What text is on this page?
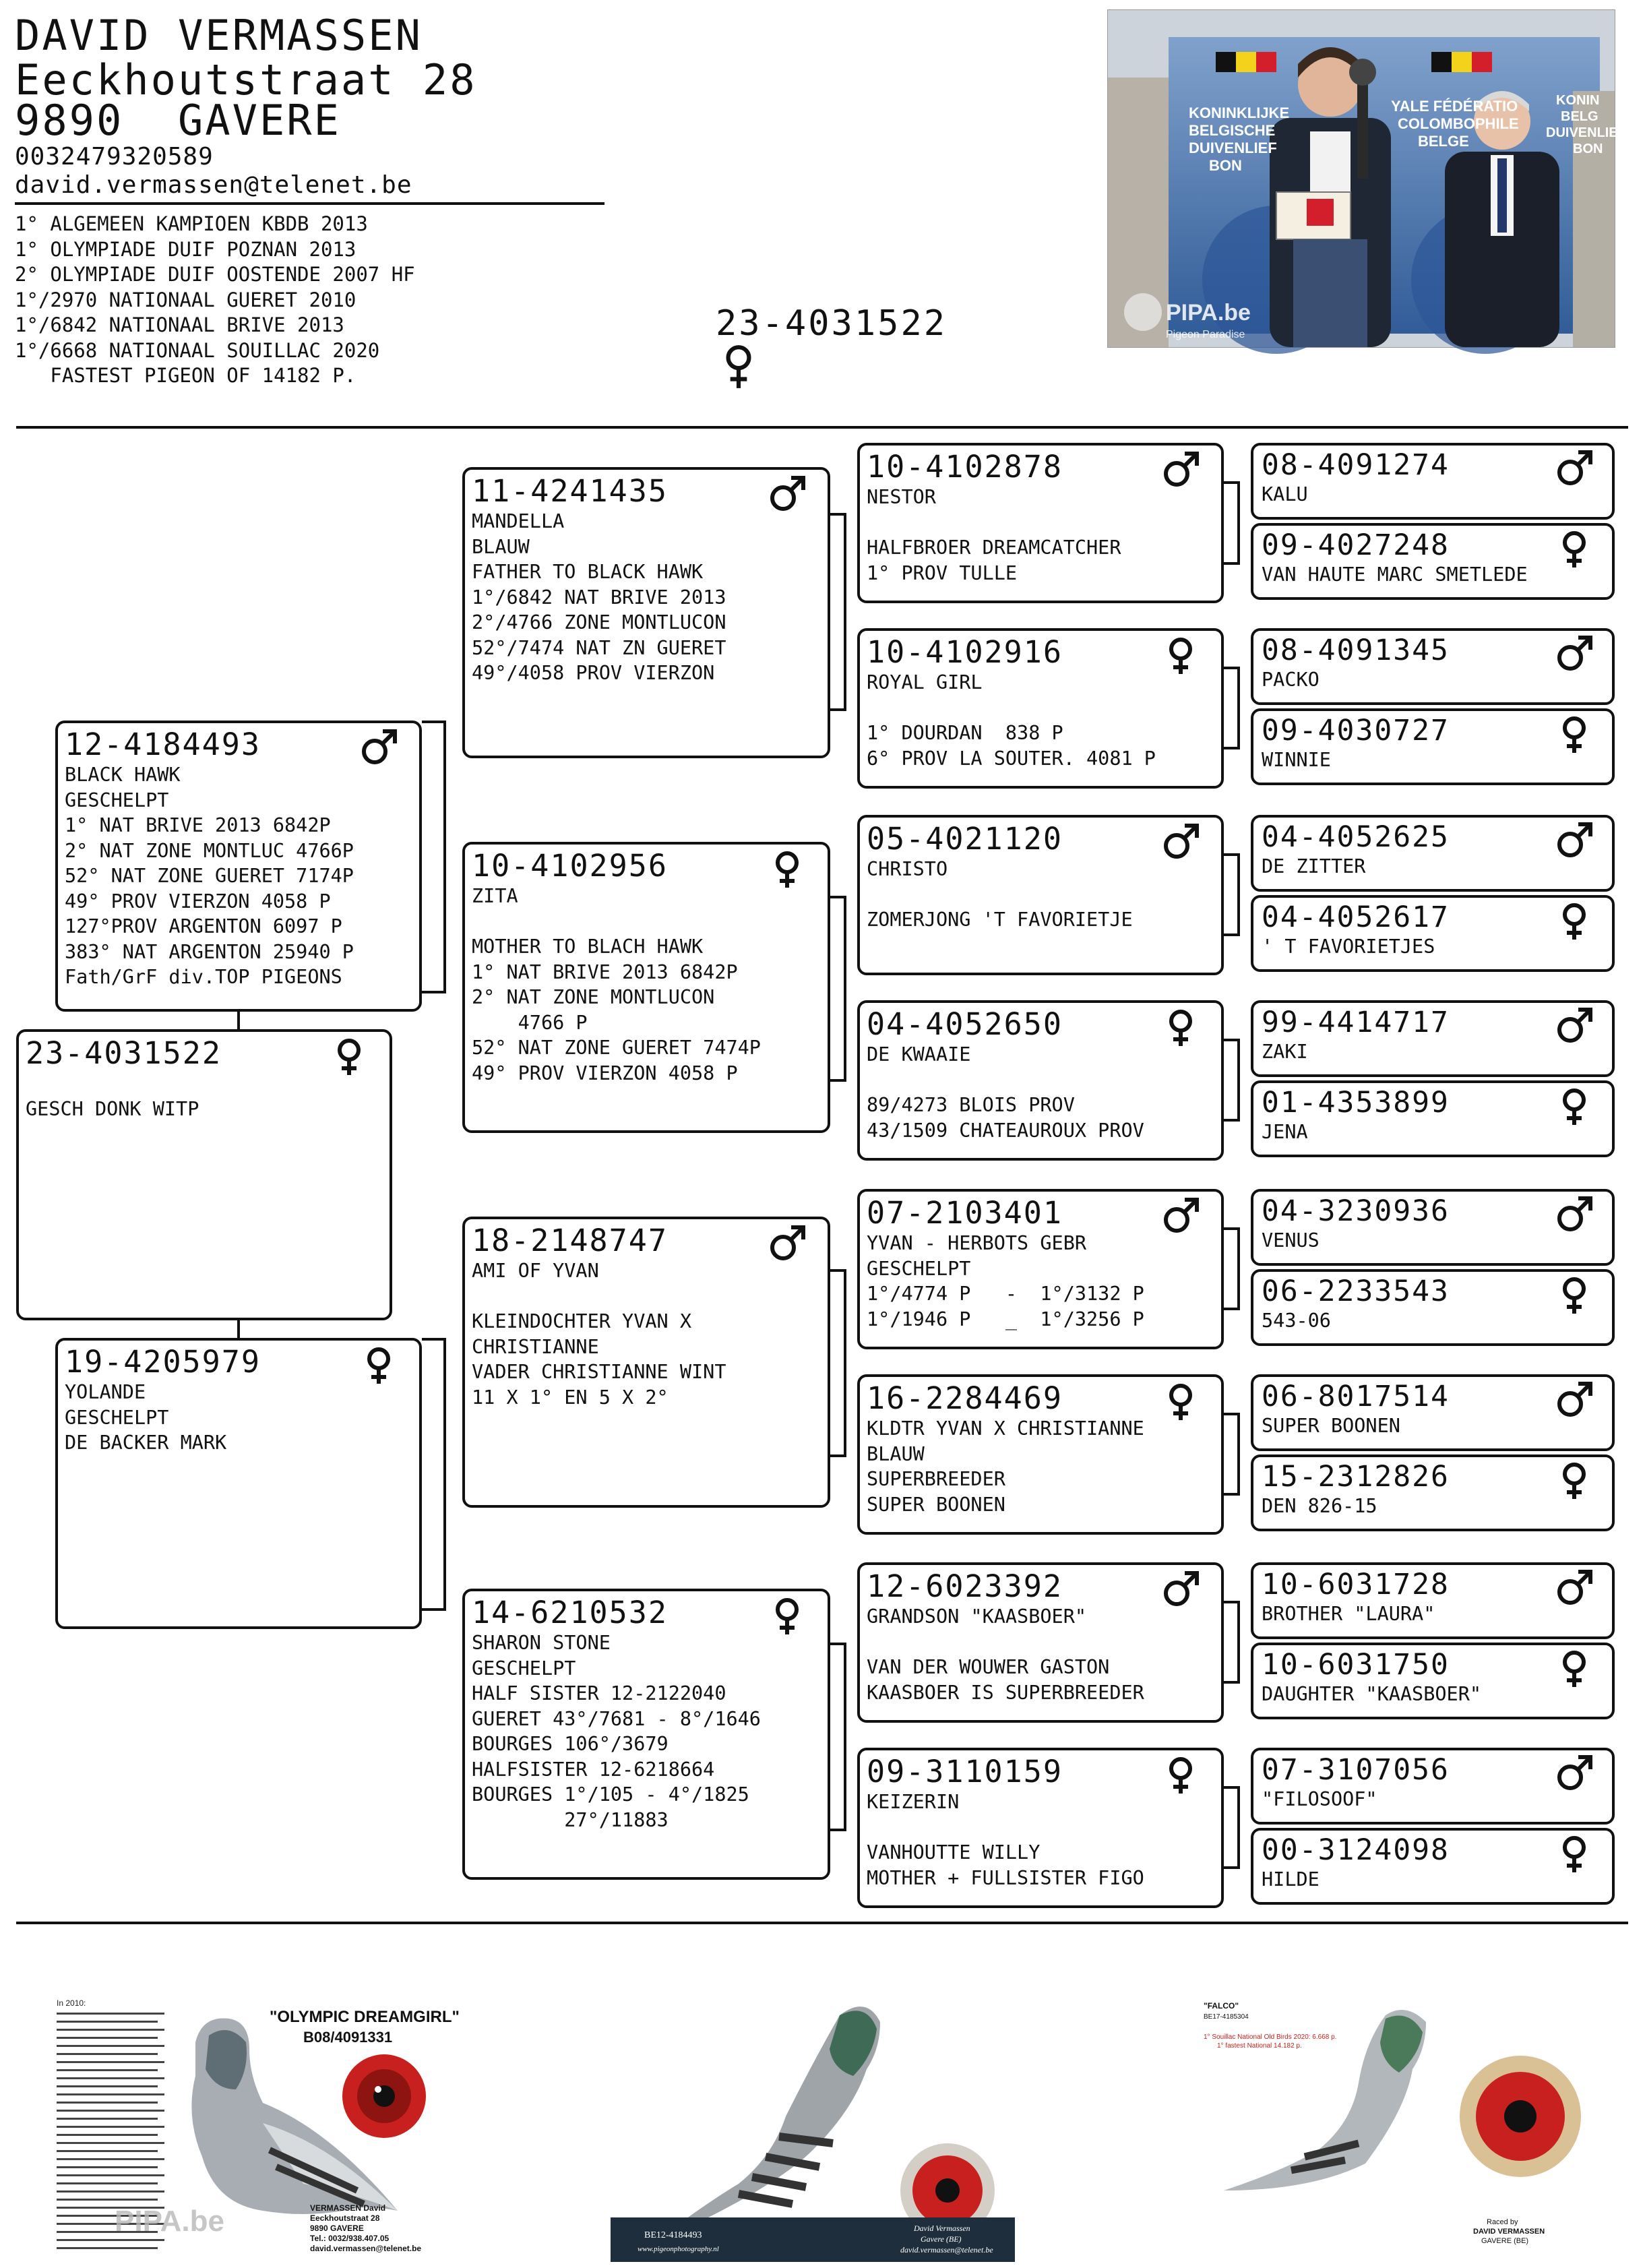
DAVID VERMASSEN
Eeckhoutstraat 28
9890  GAVERE
0032479320589
david.vermassen@telenet.be
1° ALGEMEEN KAMPIOEN KBDB 2013
1° OLYMPIADE DUIF POZNAN 2013
2° OLYMPIADE DUIF OOSTENDE 2007 HF
1°/2970 NATIONAAL GUERET 2010
1°/6842 NATIONAAL BRIVE 2013
1°/6668 NATIONAAL SOUILLAC 2020
FASTEST PIGEON OF 14182 P.
23-4031522
KONINKLIJKE
BELGISCHE
DUIVENLIEF
BON
YALE FÉDÉRATIO
COLOMBOPHILE
BELGE
KONIN
BELG
DUIVENLIEF
BON
PIPA.be
Pigeon Paradise
23-4031522
GESCH DONK WITP
12-4184493
BLACK HAWK
GESCHELPT
1° NAT BRIVE 2013 6842P
2° NAT ZONE MONTLUC 4766P
52° NAT ZONE GUERET 7174P
49° PROV VIERZON 4058 P
127°PROV ARGENTON 6097 P
383° NAT ARGENTON 25940 P
Fath/GrF div.TOP PIGEONS
19-4205979
YOLANDE
GESCHELPT
DE BACKER MARK
11-4241435
MANDELLA
BLAUW
FATHER TO BLACK HAWK
1°/6842 NAT BRIVE 2013
2°/4766 ZONE MONTLUCON
52°/7474 NAT ZN GUERET
49°/4058 PROV VIERZON
10-4102956
ZITA
MOTHER TO BLACH HAWK
1° NAT BRIVE 2013 6842P
2° NAT ZONE MONTLUCON
4766 P
52° NAT ZONE GUERET 7474P
49° PROV VIERZON 4058 P
18-2148747
AMI OF YVAN
KLEINDOCHTER YVAN X
CHRISTIANNE
VADER CHRISTIANNE WINT
11 X 1° EN 5 X 2°
14-6210532
SHARON STONE
GESCHELPT
HALF SISTER 12-2122040
GUERET 43°/7681 - 8°/1646
BOURGES 106°/3679
HALFSISTER 12-6218664
BOURGES 1°/105 - 4°/1825
27°/11883
10-4102878
NESTOR
HALFBROER DREAMCATCHER
1° PROV TULLE
10-4102916
ROYAL GIRL
1° DOURDAN  838 P
6° PROV LA SOUTER. 4081 P
05-4021120
CHRISTO
ZOMERJONG 'T FAVORIETJE
04-4052650
DE KWAAIE
89/4273 BLOIS PROV
43/1509 CHATEAUROUX PROV
07-2103401
YVAN - HERBOTS GEBR
GESCHELPT
1°/4774 P   -  1°/3132 P
1°/1946 P   _  1°/3256 P
16-2284469
KLDTR YVAN X CHRISTIANNE
BLAUW
SUPERBREEDER
SUPER BOONEN
12-6023392
GRANDSON "KAASBOER"
VAN DER WOUWER GASTON
KAASBOER IS SUPERBREEDER
09-3110159
KEIZERIN
VANHOUTTE WILLY
MOTHER + FULLSISTER FIGO
08-4091274
KALU
09-4027248
VAN HAUTE MARC SMETLEDE
08-4091345
PACKO
09-4030727
WINNIE
04-4052625
DE ZITTER
04-4052617
' T FAVORIETJES
99-4414717
ZAKI
01-4353899
JENA
04-3230936
VENUS
06-2233543
543-06
06-8017514
SUPER BOONEN
15-2312826
DEN 826-15
10-6031728
BROTHER "LAURA"
10-6031750
DAUGHTER "KAASBOER"
07-3107056
"FILOSOOF"
00-3124098
HILDE
In 2010:
"OLYMPIC DREAMGIRL"
B08/4091331
VERMASSEN David
Eeckhoutstraat 28
9890 GAVERE
Tel.: 0032/938.407.05
david.vermassen@telenet.be
PIPA.be	BE12-4184493
www.pigeonphotography.nl
David Vermassen
Gavere (BE)
david.vermassen@telenet.be
"FALCO"
BE17-4185304
1° Souillac National Old Birds 2020: 6.668 p.
1° fastest National 14.182 p.
Raced by
DAVID VERMASSEN
GAVERE (BE)
